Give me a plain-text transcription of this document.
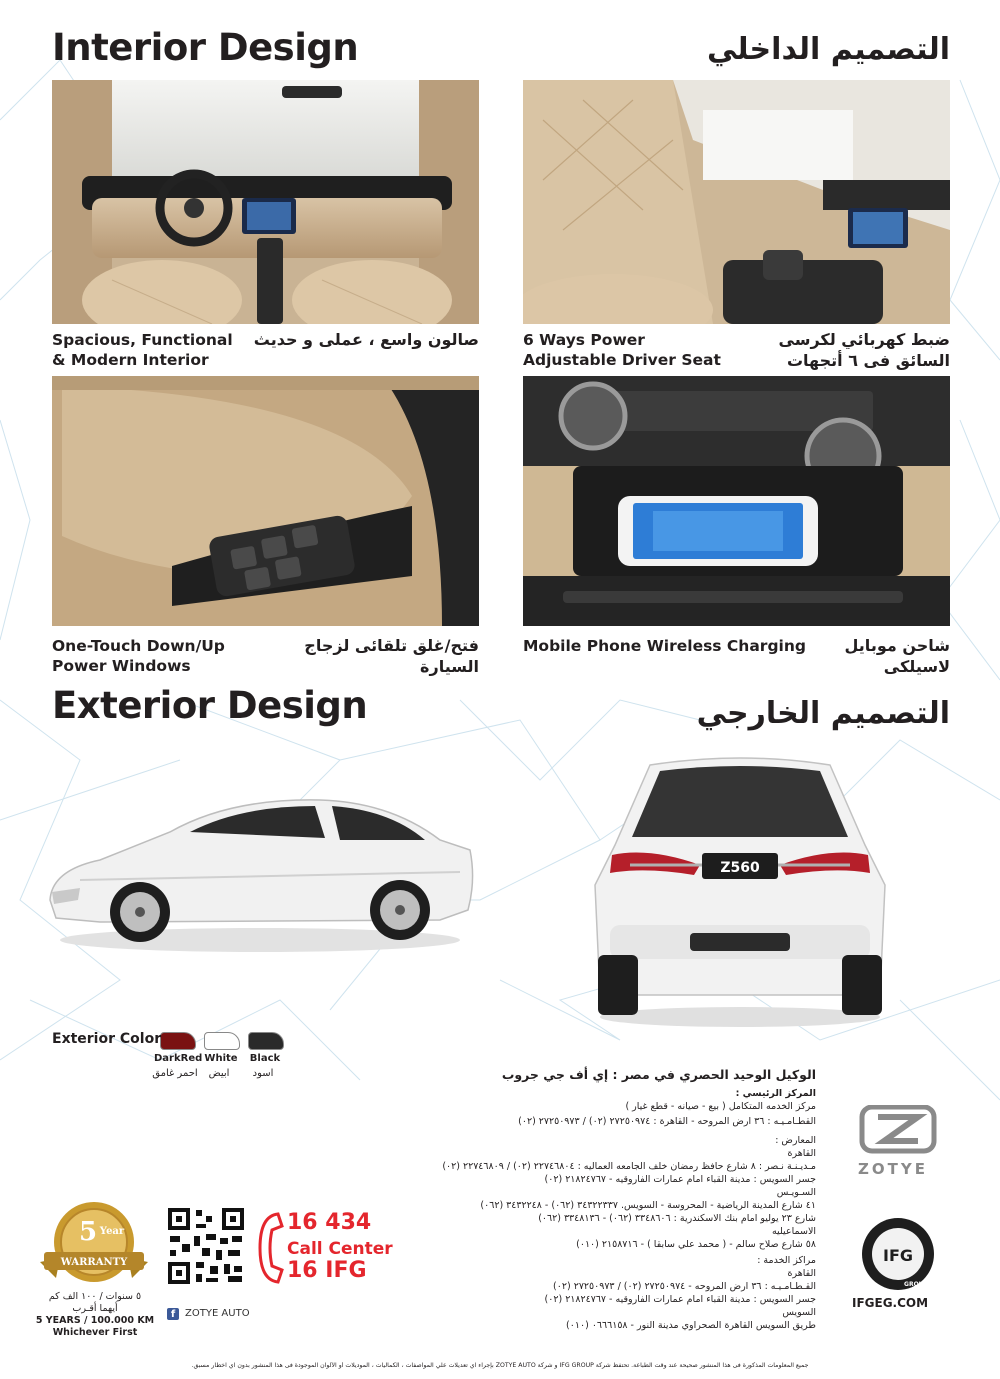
Interior Design	التصميم الداخلي
Spacious, Functional
& Modern Interior
صالون واسع ، عملى و حديث	6 Ways Power
Adjustable Driver Seat
ضبط كهربائي لكرسى
السائق فى ٦ أتجهات
One-Touch Down/Up
Power Windows
فتح/غلق تلقائى لزجاج السيارة
Mobile Phone Wireless Charging	شاحن موبايل لاسيلكى
Exterior Design	التصميم الخارجي
Z560
Exterior Color
DarkRed White	Black
احمر غامق	ابيض	اسود
5 Year
WARRANTY
٥ سنوات / ١٠٠ الف كم
أيهما أقـرب
5 YEARS / 100.000 KM
Whichever First
f ZOTYE AUTO
16 434
Call Center
16 IFG
الوكيل الوحيد الحصري في مصر : إي أف جي جروب
المركز الرئيسي :
مركز الخدمه المتكامل ( بيع - صيانه - قطع غيار )
القطـامـيـه : ٣٦ ارض المروحه - القاهرة : ٢٧٢٥٠٩٧٤ (٠٢) / ٢٧٢٥٠٩٧٣ (٠٢)
المعارض :
القاهرة
مـديـنـة نـصر : ٨ شارع حافظ رمضان خلف الجامعه العماليه : ٢٢٧٤٦٨٠٤ (٠٢) / ٢٢٧٤٦٨٠٩ (٠٢)
جسر السويس : مدينة القباء امام عمارات الفاروقيه - ٢١٨٢٤٧٦٧ (٠٢)
السـويـس
٤١ شارع المدينة الرياضية - المحروسة - السويس. ٣٤٣٢٢٣٣٧ (٠٦٢) - ٣٤٣٢٢٤٨ (٠٦٢)
شارع ٢٣ يوليو امام بنك الاسكندرية : ٣٣٤٨٦٠٦ (٠٦٢) - ٣٣٤٨١٣٦ (٠٦٢)
الاسماعيليه
٥٨ شارع صلاح سالم - ( محمد علي سابقا ) - ٢١٥٨٧١٦ (٠١٠)
مراكز الخدمة :
القاهرة
القـطـامـيـه : ٣٦ ارض المروحه - ٢٧٢٥٠٩٧٤ (٠٢) / ٢٧٢٥٠٩٧٣ (٠٢)
جسر السويس : مدينة القباء امام عمارات الفاروقيه - ٢١٨٢٤٧٦٧ (٠٢)
السويس
طريق السويس القاهرة الصحراوي مدينة النور - ٠٦٦٦١٥٨ (٠١٠)
ZOTYE
IFG
GROUP
IFGEG.COM
جميع المعلومات المذكورة فى هذا المنشور صحيحة عند وقت الطباعة. تحتفظ شركة IFG GROUP و شركة ZOTYE AUTO بإجراء اي تعديلات علي المواصفات ، الكماليات ، الموديلات أو الألوان الموجودة فى هذا المنشور بدون اي اخطار مسبق.
